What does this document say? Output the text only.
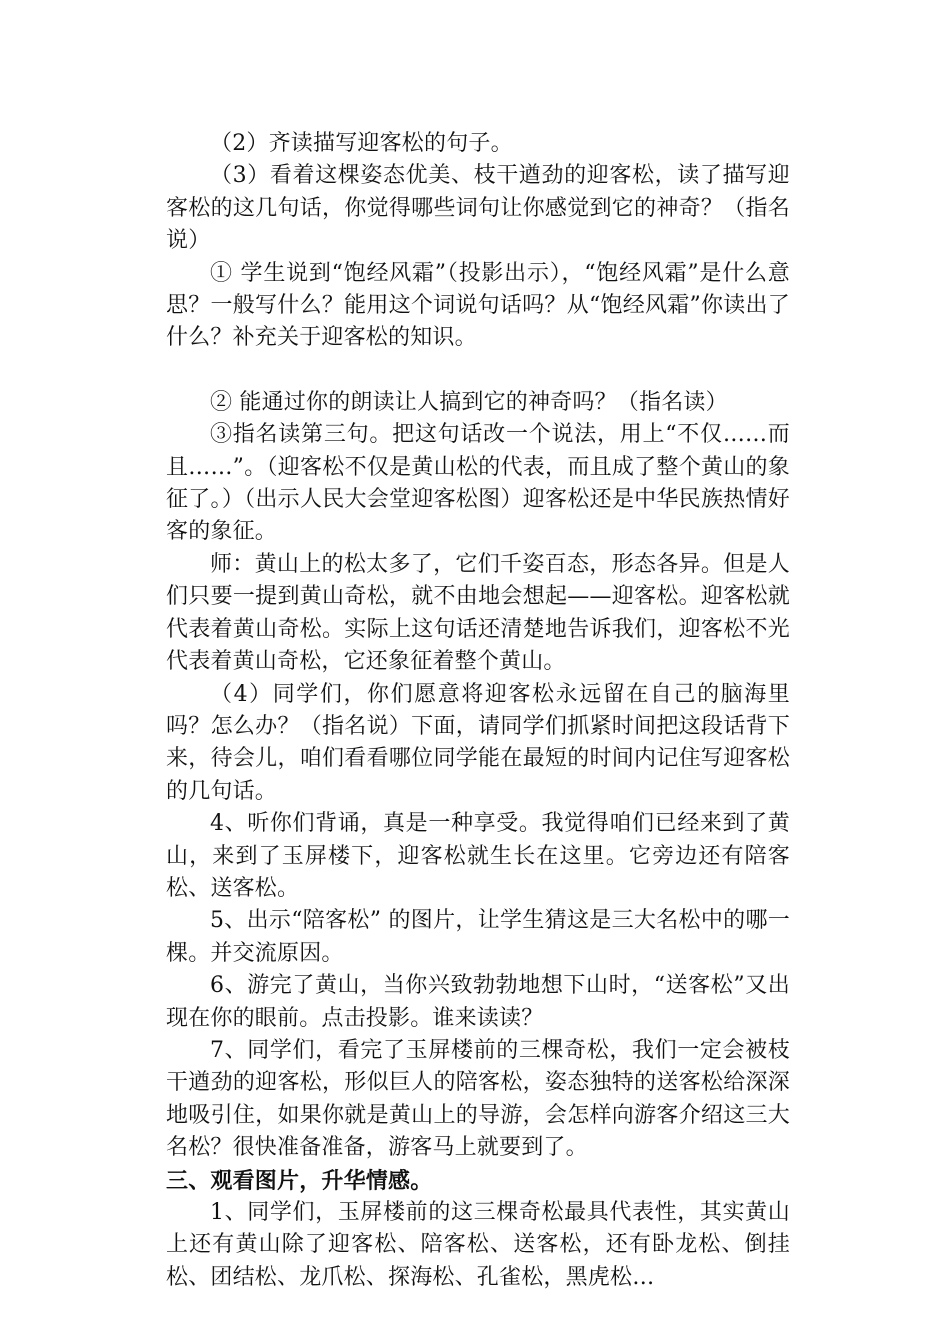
（2）齐读描写迎客松的句子。

（3）看着这棵姿态优美、枝干遒劲的迎客松，读了描写迎客松的这几句话，你觉得哪些词句让你感觉到它的神奇？（指名说）

① 学生说到“饱经风霜”（投影出示），“饱经风霜”是什么意思？一般写什么？能用这个词说句话吗？从“饱经风霜”你读出了什么？补充关于迎客松的知识。

② 能通过你的朗读让人搞到它的神奇吗？（指名读）

③指名读第三句。把这句话改一个说法，用上“不仅……而且……”。（迎客松不仅是黄山松的代表，而且成了整个黄山的象征了。）（出示人民大会堂迎客松图）迎客松还是中华民族热情好客的象征。

师：黄山上的松太多了，它们千姿百态，形态各异。但是人们只要一提到黄山奇松，就不由地会想起——迎客松。迎客松就代表着黄山奇松。实际上这句话还清楚地告诉我们，迎客松不光代表着黄山奇松，它还象征着整个黄山。

（4）同学们，你们愿意将迎客松永远留在自己的脑海里吗？怎么办？（指名说）下面，请同学们抓紧时间把这段话背下来，待会儿，咱们看看哪位同学能在最短的时间内记住写迎客松的几句话。

4、听你们背诵，真是一种享受。我觉得咱们已经来到了黄山，来到了玉屏楼下，迎客松就生长在这里。它旁边还有陪客松、送客松。

5、出示“陪客松” 的图片，让学生猜这是三大名松中的哪一棵。并交流原因。

6、游完了黄山，当你兴致勃勃地想下山时，“送客松”又出现在你的眼前。点击投影。谁来读读？

7、同学们，看完了玉屏楼前的三棵奇松，我们一定会被枝干遒劲的迎客松，形似巨人的陪客松，姿态独特的送客松给深深地吸引住，如果你就是黄山上的导游，会怎样向游客介绍这三大名松？很快准备准备，游客马上就要到了。

三、观看图片，升华情感。

1、同学们，玉屏楼前的这三棵奇松最具代表性，其实黄山上还有黄山除了迎客松、陪客松、送客松，还有卧龙松、倒挂松、团结松、龙爪松、探海松、孔雀松，黑虎松…
